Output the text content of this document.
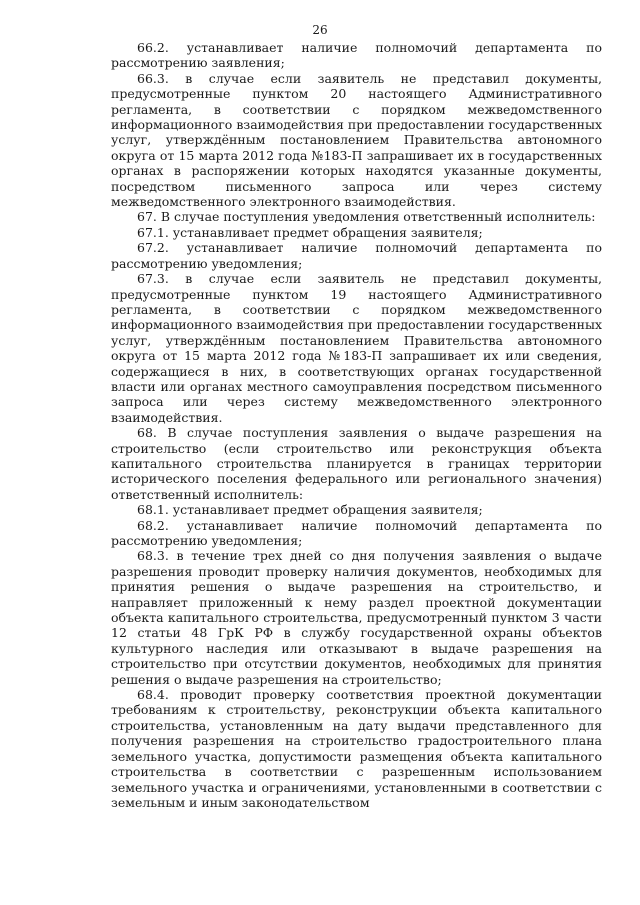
26

66.2. устанавливает наличие полномочий департамента по рассмотрению заявления;

66.3. в случае если заявитель не представил документы, предусмотренные пунктом 20 настоящего Административного регламента, в соответствии с порядком межведомственного информационного взаимодействия при предоставлении государственных услуг, утверждённым постановлением Правительства автономного округа от 15 марта 2012 года №183-П запрашивает их в государственных органах в распоряжении которых находятся указанные документы, посредством письменного запроса или через систему межведомственного электронного взаимодействия.

67. В случае поступления уведомления ответственный исполнитель:

67.1. устанавливает предмет обращения заявителя;

67.2. устанавливает наличие полномочий департамента по рассмотрению уведомления;

67.3. в случае если заявитель не представил документы, предусмотренные пунктом 19 настоящего Административного регламента, в соответствии с порядком межведомственного информационного взаимодействия при предоставлении государственных услуг, утверждённым постановлением Правительства автономного округа от 15 марта 2012 года №183-П запрашивает их или сведения, содержащиеся в них, в соответствующих органах государственной власти или органах местного самоуправления посредством письменного запроса или через систему межведомственного электронного взаимодействия.

68. В случае поступления заявления о выдаче разрешения на строительство (если строительство или реконструкция объекта капитального строительства планируется в границах территории исторического поселения федерального или регионального значения) ответственный исполнитель:

68.1. устанавливает предмет обращения заявителя;

68.2. устанавливает наличие полномочий департамента по рассмотрению уведомления;

68.3. в течение трех дней со дня получения заявления о выдаче разрешения проводит проверку наличия документов, необходимых для принятия решения о выдаче разрешения на строительство, и направляет приложенный к нему раздел проектной документации объекта капитального строительства, предусмотренный пунктом 3 части 12 статьи 48 ГрК РФ в службу государственной охраны объектов культурного наследия или отказывают в выдаче разрешения на строительство при отсутствии документов, необходимых для принятия решения о выдаче разрешения на строительство;

68.4. проводит проверку соответствия проектной документации требованиям к строительству, реконструкции объекта капитального строительства, установленным на дату выдачи представленного для получения разрешения на строительство градостроительного плана земельного участка, допустимости размещения объекта капитального строительства в соответствии с разрешенным использованием земельного участка и ограничениями, установленными в соответствии с земельным и иным законодательством
